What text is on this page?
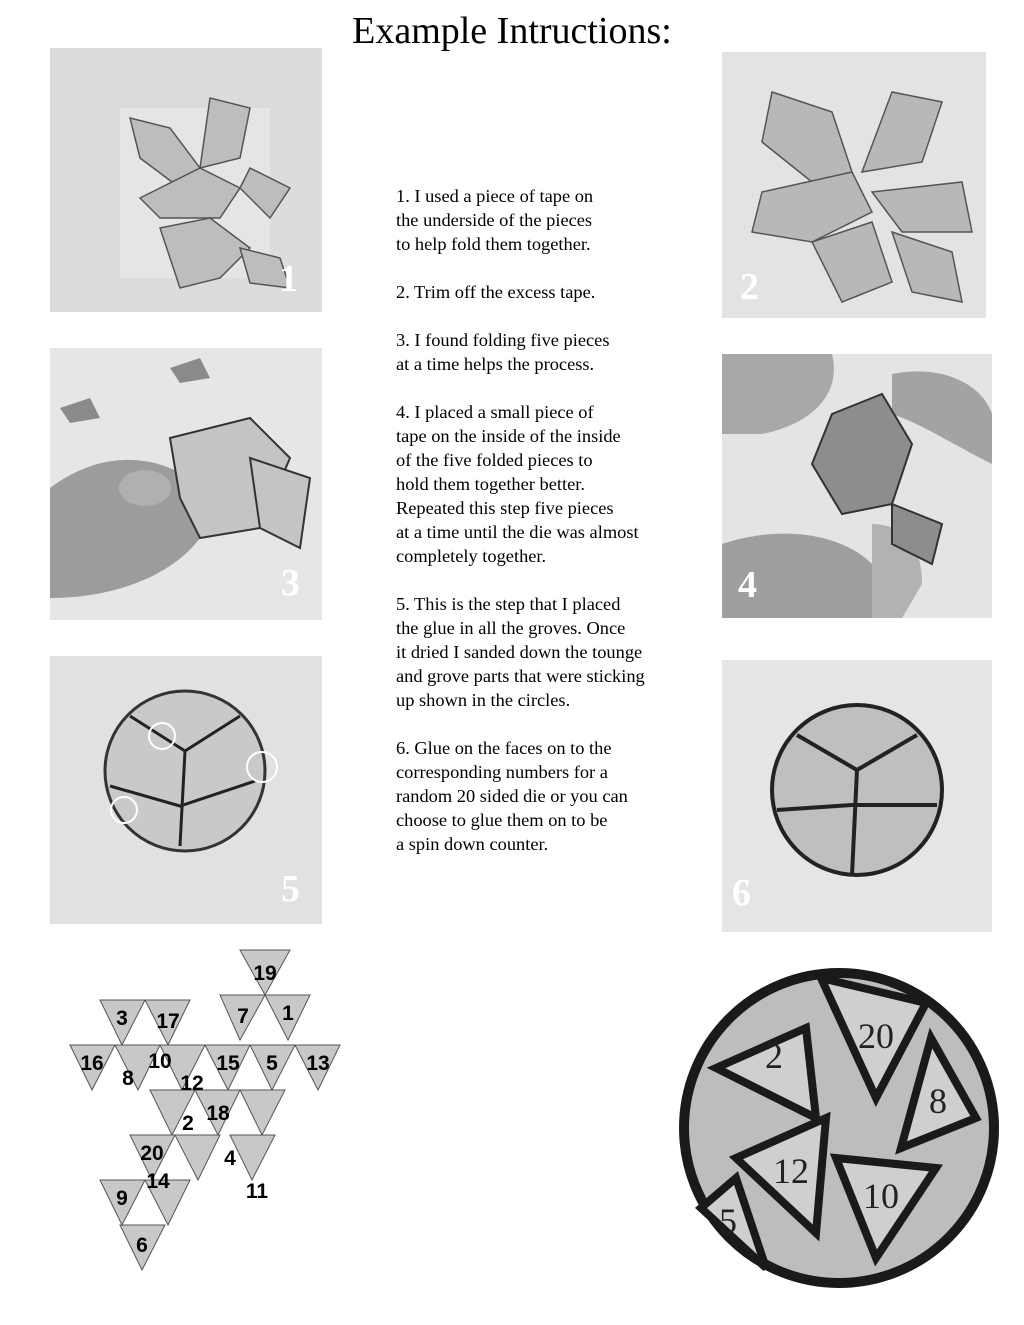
Example Intructions:
1	2
3	4
5	6

1. I used a piece of tape on
the underside of the pieces
to help fold them together.

2. Trim off the excess tape.

3. I found folding five pieces
at a time helps the process.

4. I placed a small piece of
tape on the inside of the inside
of the five folded pieces to
hold them together better.
Repeated this step five pieces
at a time until the die was almost
completely together.

5. This is the step that I placed
the glue in all the groves. Once
it dried I sanded down the tounge
and grove parts that were sticking
up shown in the circles.

6. Glue on the faces on to the
corresponding numbers for a
random 20 sided die or you can
choose to glue them on to be
a spin down counter.

19
1
7
15 5 13
3 17
10
16
8 12
2 18
4
11
20
14
9
6
2 20
8
12
10
5
